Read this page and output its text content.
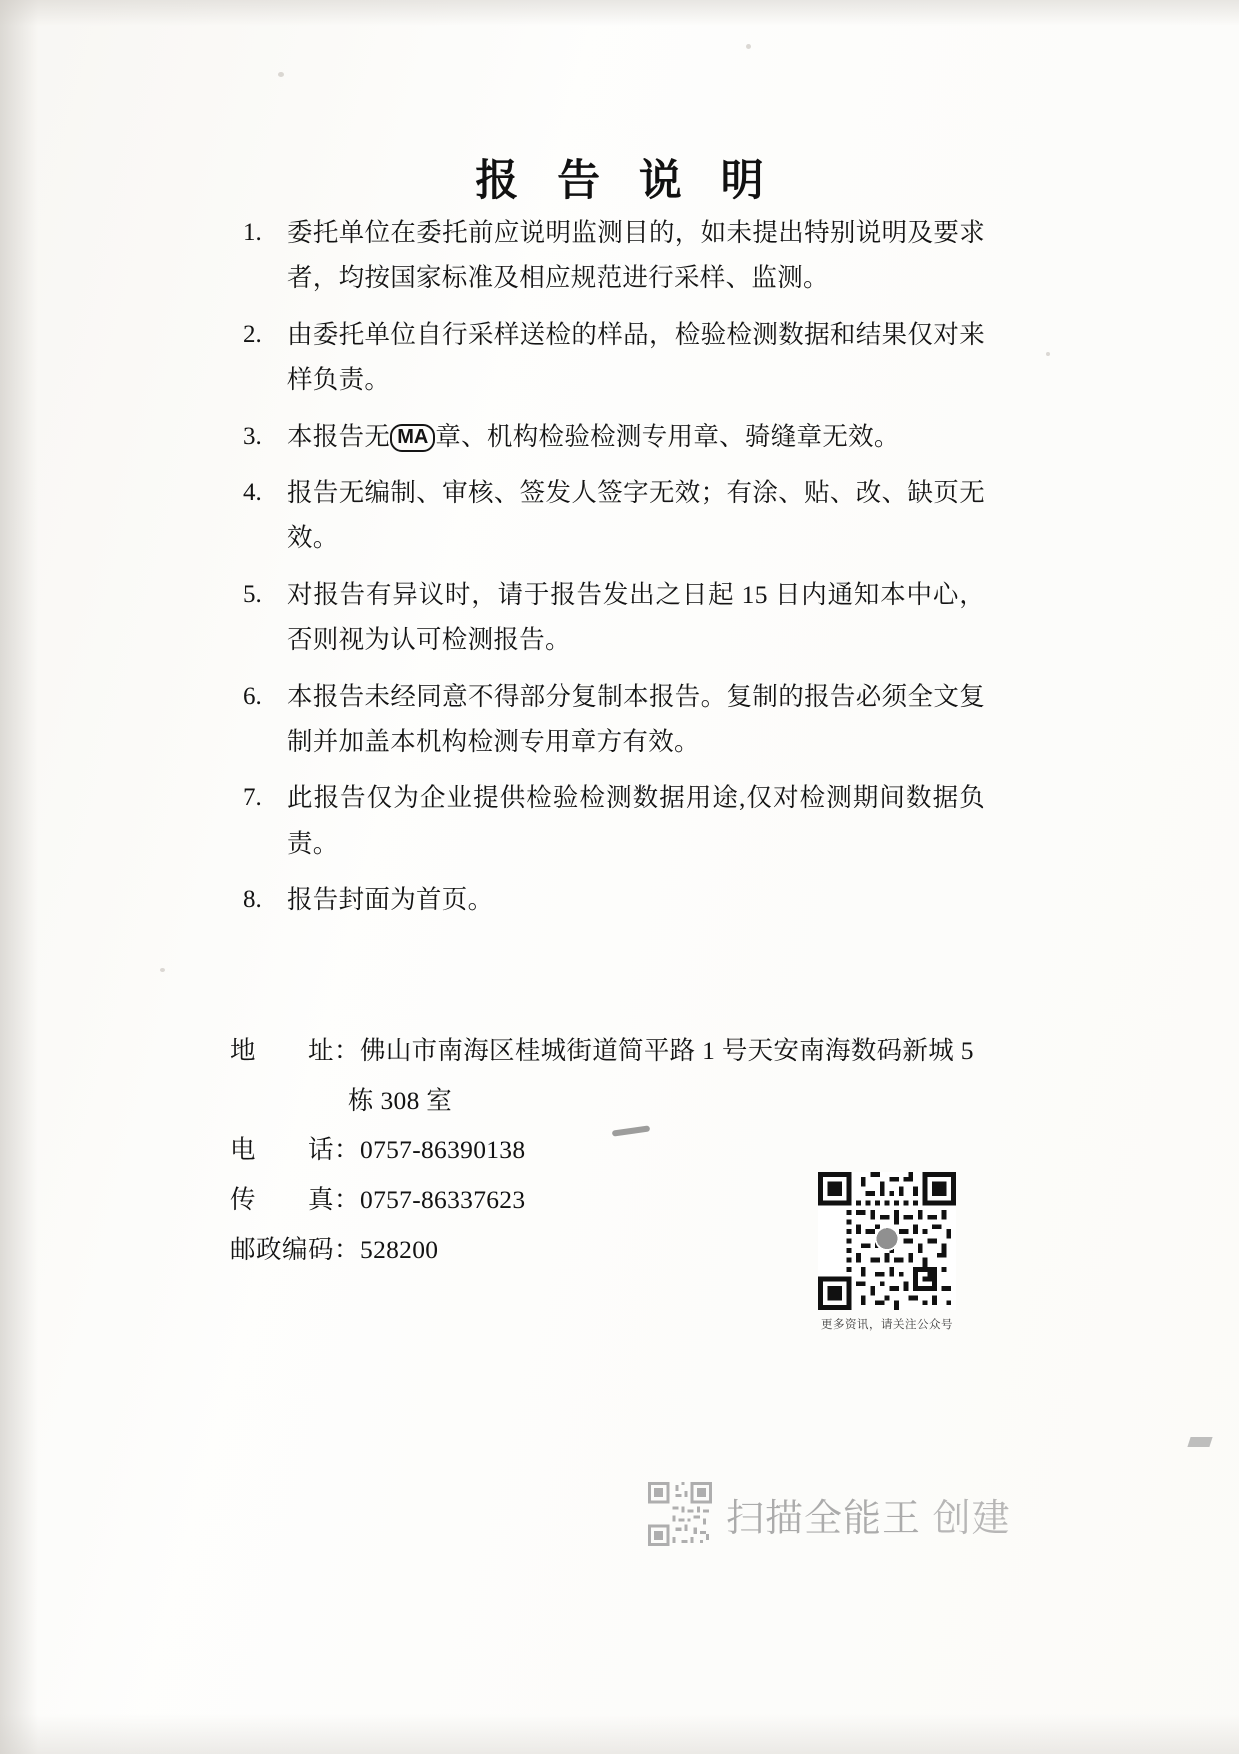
报 告 说 明
1. 委托单位在委托前应说明监测目的，如未提出特别说明及要求者，均按国家标准及相应规范进行采样、监测。
2. 由委托单位自行采样送检的样品，检验检测数据和结果仅对来样负责。
3. 本报告无 MA 章、机构检验检测专用章、骑缝章无效。
4. 报告无编制、审核、签发人签字无效；有涂、贴、改、缺页无效。
5. 对报告有异议时，请于报告发出之日起 15 日内通知本中心，否则视为认可检测报告。
6. 本报告未经同意不得部分复制本报告。复制的报告必须全文复制并加盖本机构检测专用章方有效。
7. 此报告仅为企业提供检验检测数据用途,仅对检测期间数据负责。
8. 报告封面为首页。
地　　址： 佛山市南海区桂城街道简平路 1 号天安南海数码新城 5
栋 308 室
电　　话： 0757-86390138
传　　真： 0757-86337623
邮政编码： 528200
更多资讯，请关注公众号
扫描全能王 创建
